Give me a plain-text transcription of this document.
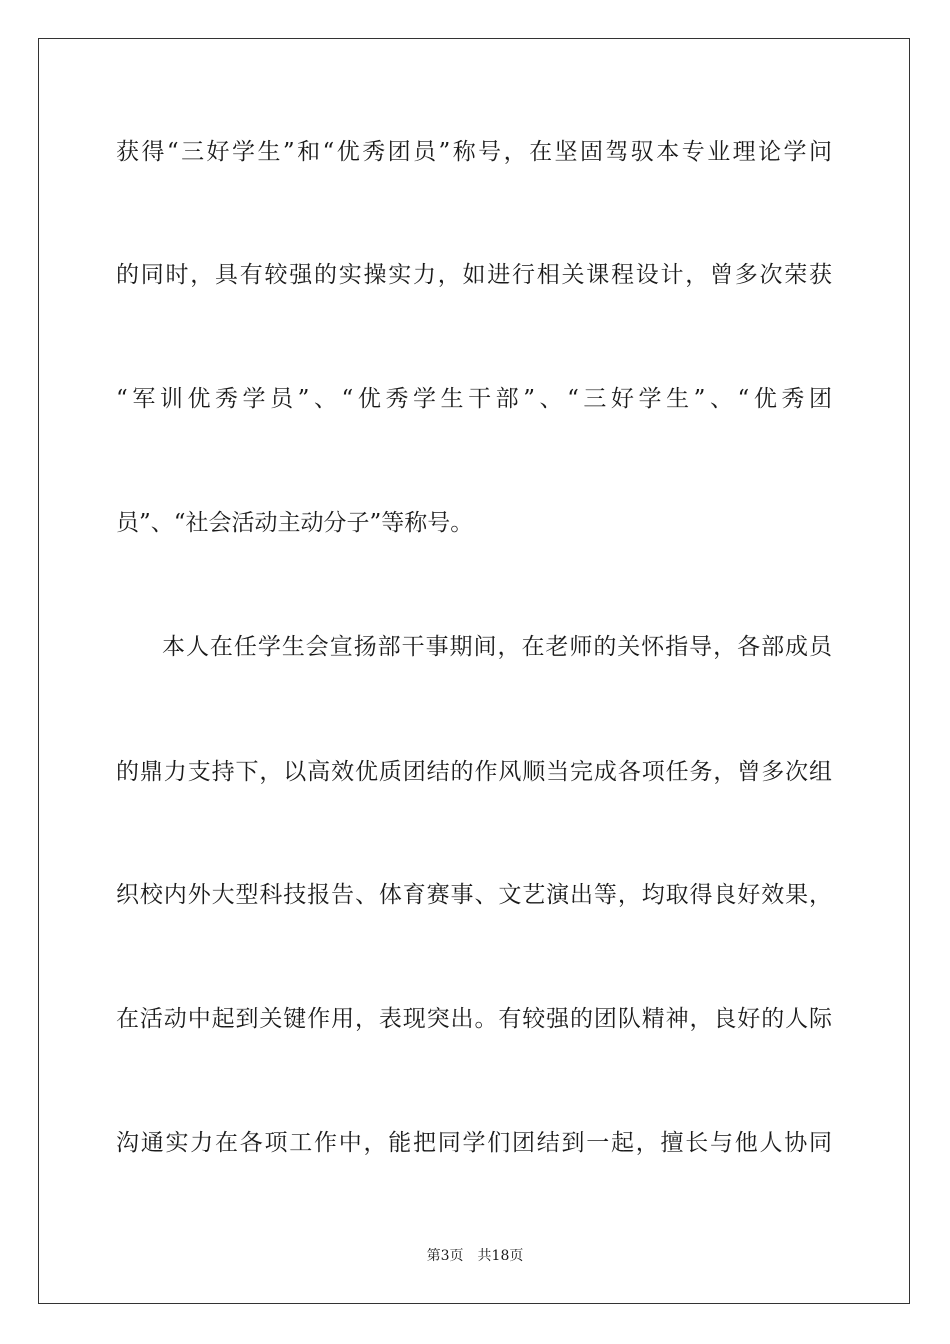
获得“三好学生”和“优秀团员”称号，在坚固驾驭本专业理论学问
的同时，具有较强的实操实力，如进行相关课程设计，曾多次荣获
“军训优秀学员”、“优秀学生干部”、“三好学生”、“优秀团
员”、“社会活动主动分子”等称号。
本人在任学生会宣扬部干事期间，在老师的关怀指导，各部成员
的鼎力支持下，以高效优质团结的作风顺当完成各项任务，曾多次组
织校内外大型科技报告、体育赛事、文艺演出等，均取得良好效果，
在活动中起到关键作用，表现突出。有较强的团队精神，良好的人际
沟通实力在各项工作中，能把同学们团结到一起，擅长与他人协同
第3页　共18页
